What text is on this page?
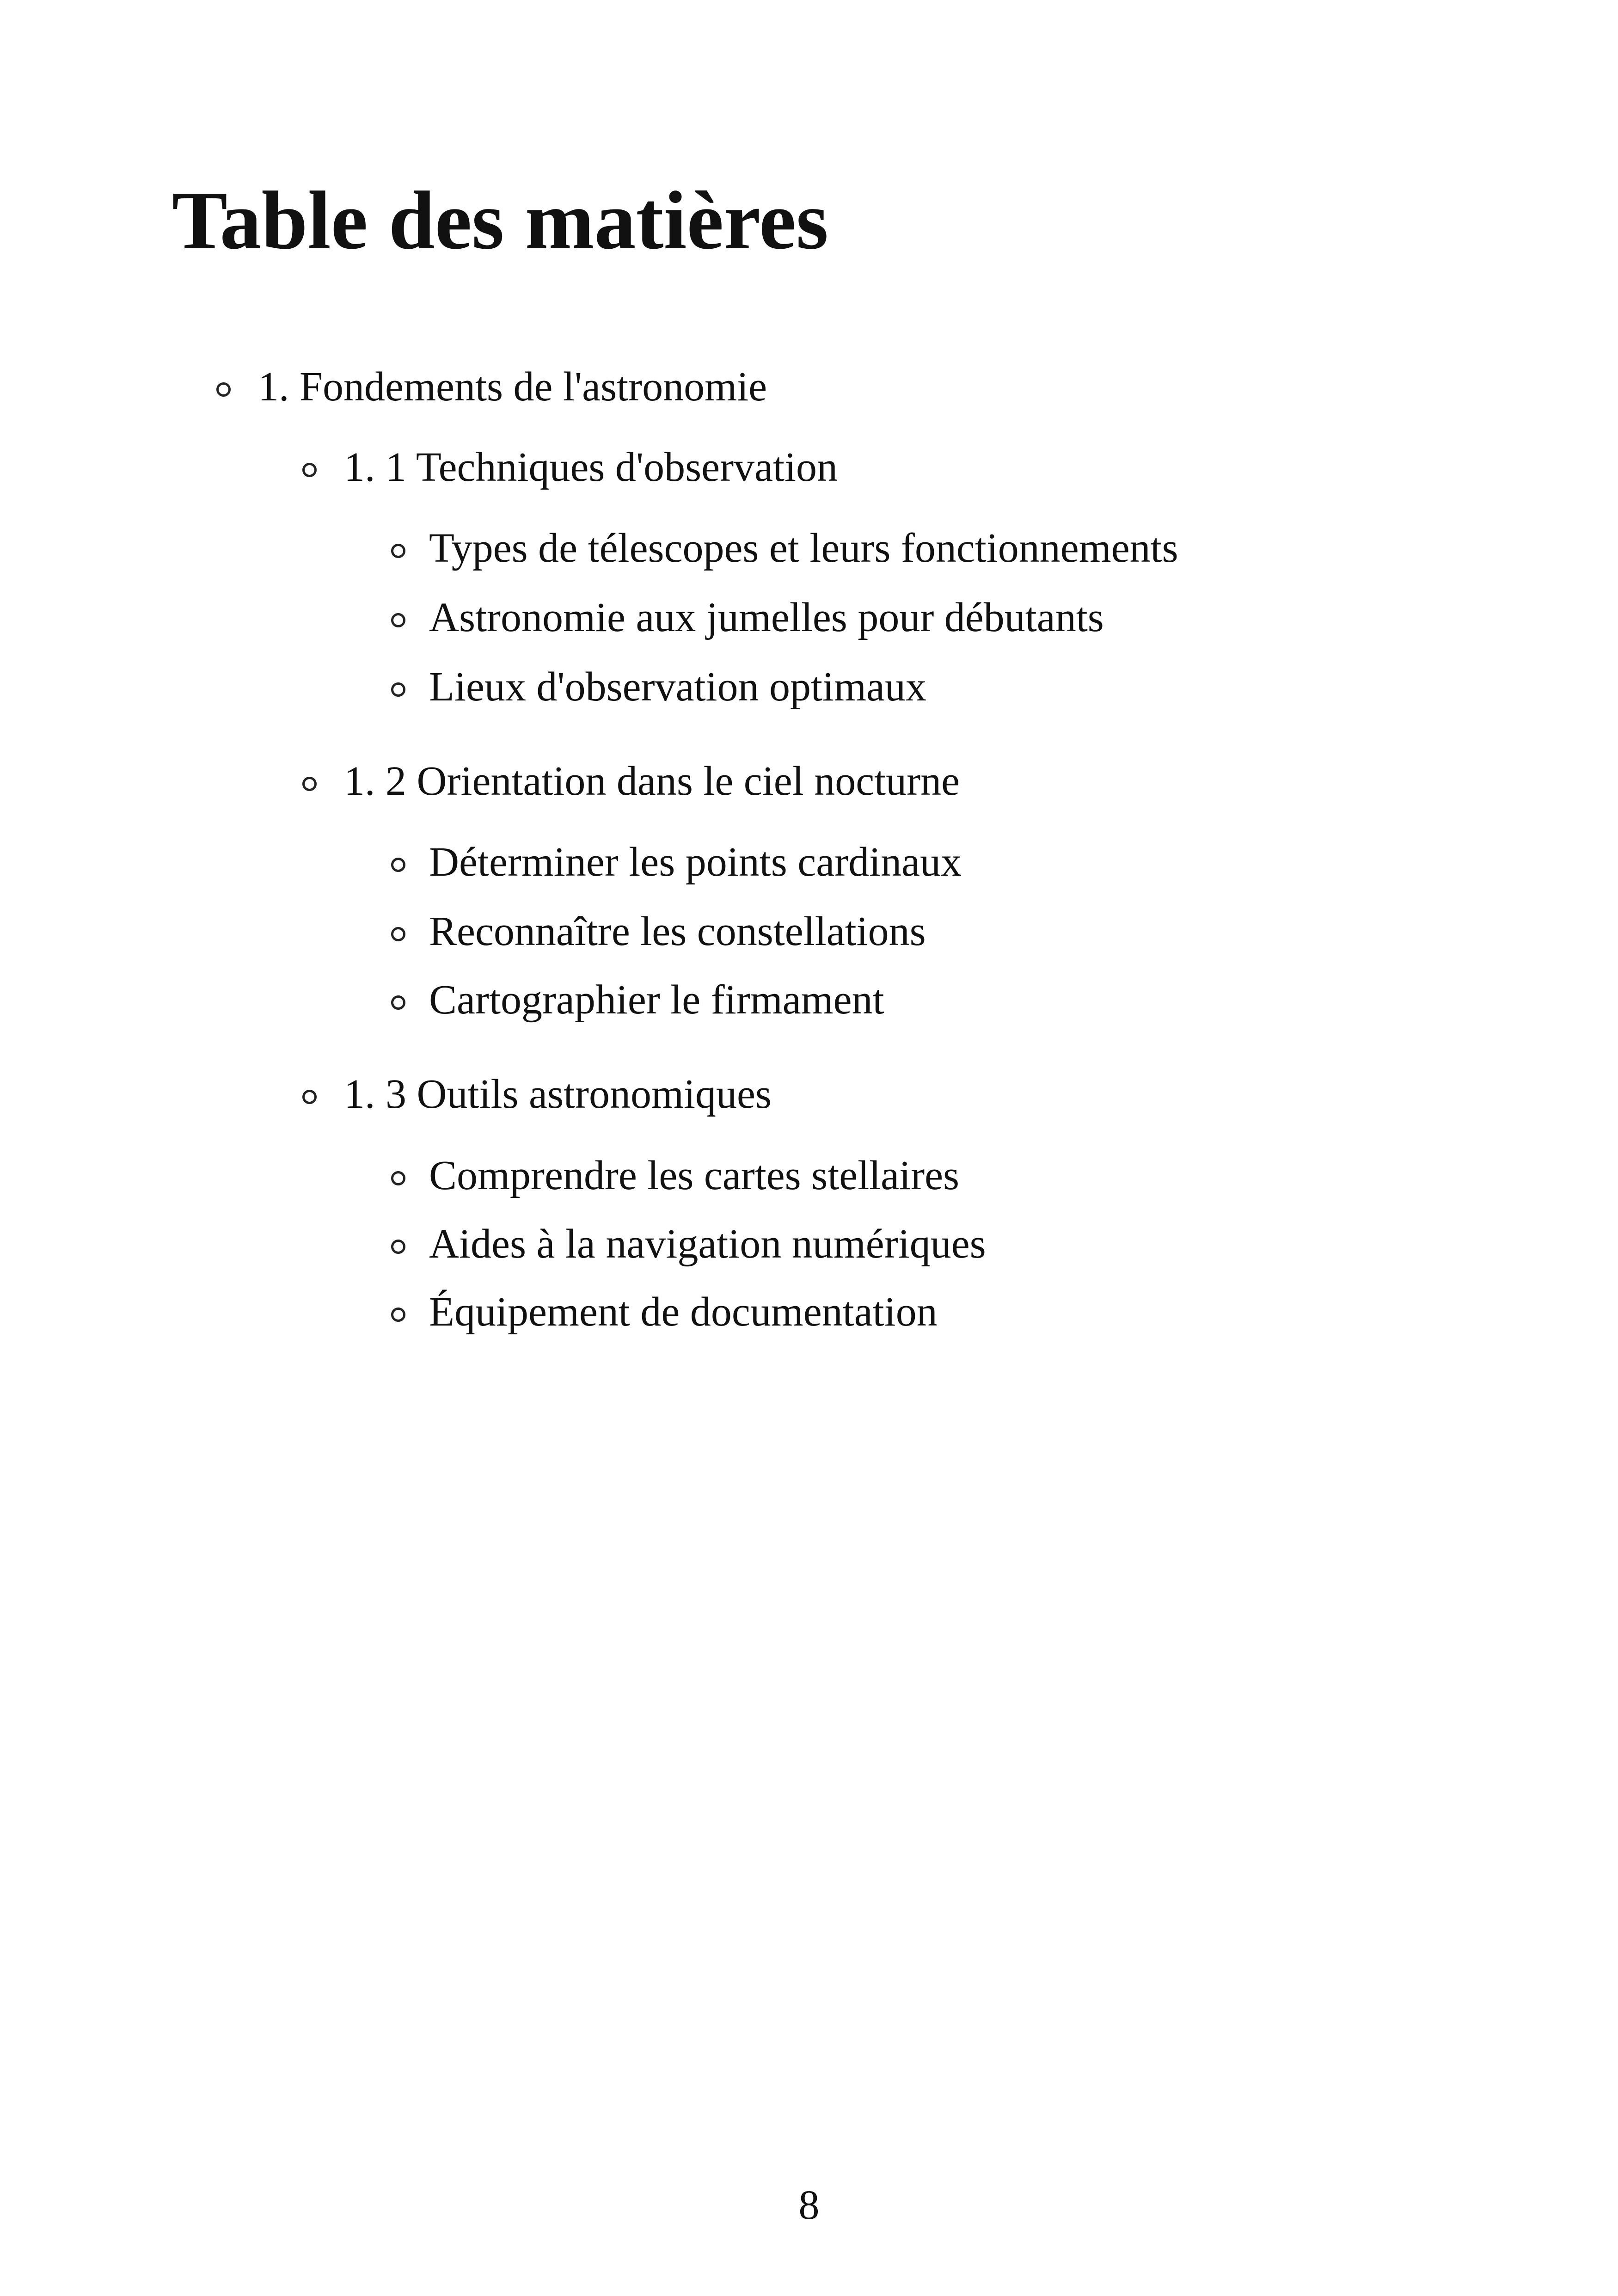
Table des matières
1. Fondements de l'astronomie
1. 1 Techniques d'observation
Types de télescopes et leurs fonctionnements
Astronomie aux jumelles pour débutants
Lieux d'observation optimaux
1. 2 Orientation dans le ciel nocturne
Déterminer les points cardinaux
Reconnaître les constellations
Cartographier le firmament
1. 3 Outils astronomiques
Comprendre les cartes stellaires
Aides à la navigation numériques
Équipement de documentation
8
